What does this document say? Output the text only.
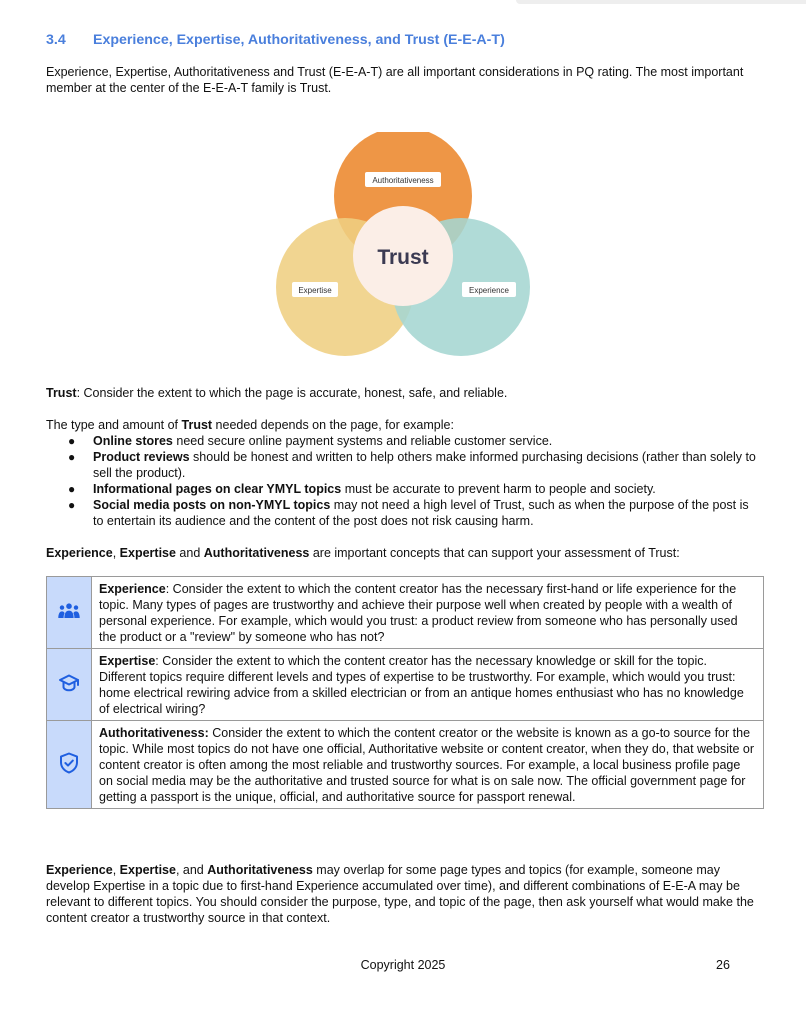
3.4 Experience, Expertise, Authoritativeness, and Trust (E-E-A-T)

Experience, Expertise, Authoritativeness and Trust (E-E-A-T) are all important considerations in PQ rating. The most important member at the center of the E-E-A-T family is Trust.

Authoritativeness
Expertise	Experience
Trust

Trust: Consider the extent to which the page is accurate, honest, safe, and reliable.

The type and amount of Trust needed depends on the page, for example:

● Online stores need secure online payment systems and reliable customer service.
● Product reviews should be honest and written to help others make informed purchasing decisions (rather than solely to sell the product).
● Informational pages on clear YMYL topics must be accurate to prevent harm to people and society.
● Social media posts on non-YMYL topics may not need a high level of Trust, such as when the purpose of the post is to entertain its audience and the content of the post does not risk causing harm.

Experience, Expertise and Authoritativeness are important concepts that can support your assessment of Trust:

	Experience: Consider the extent to which the content creator has the necessary first-hand or life experience for the topic. Many types of pages are trustworthy and achieve their purpose well when created by people with a wealth of personal experience. For example, which would you trust: a product review from someone who has personally used the product or a "review" by someone who has not?
	Expertise: Consider the extent to which the content creator has the necessary knowledge or skill for the topic. Different topics require different levels and types of expertise to be trustworthy. For example, which would you trust: home electrical rewiring advice from a skilled electrician or from an antique homes enthusiast who has no knowledge of electrical wiring?
	Authoritativeness: Consider the extent to which the content creator or the website is known as a go-to source for the topic. While most topics do not have one official, Authoritative website or content creator, when they do, that website or content creator is often among the most reliable and trustworthy sources. For example, a local business profile page on social media may be the authoritative and trusted source for what is on sale now. The official government page for getting a passport is the unique, official, and authoritative source for passport renewal.

Experience, Expertise, and Authoritativeness may overlap for some page types and topics (for example, someone may develop Expertise in a topic due to first-hand Experience accumulated over time), and different combinations of E-E-A may be relevant to different topics. You should consider the purpose, type, and topic of the page, then ask yourself what would make the content creator a trustworthy source in that context.

Copyright 2025	26
